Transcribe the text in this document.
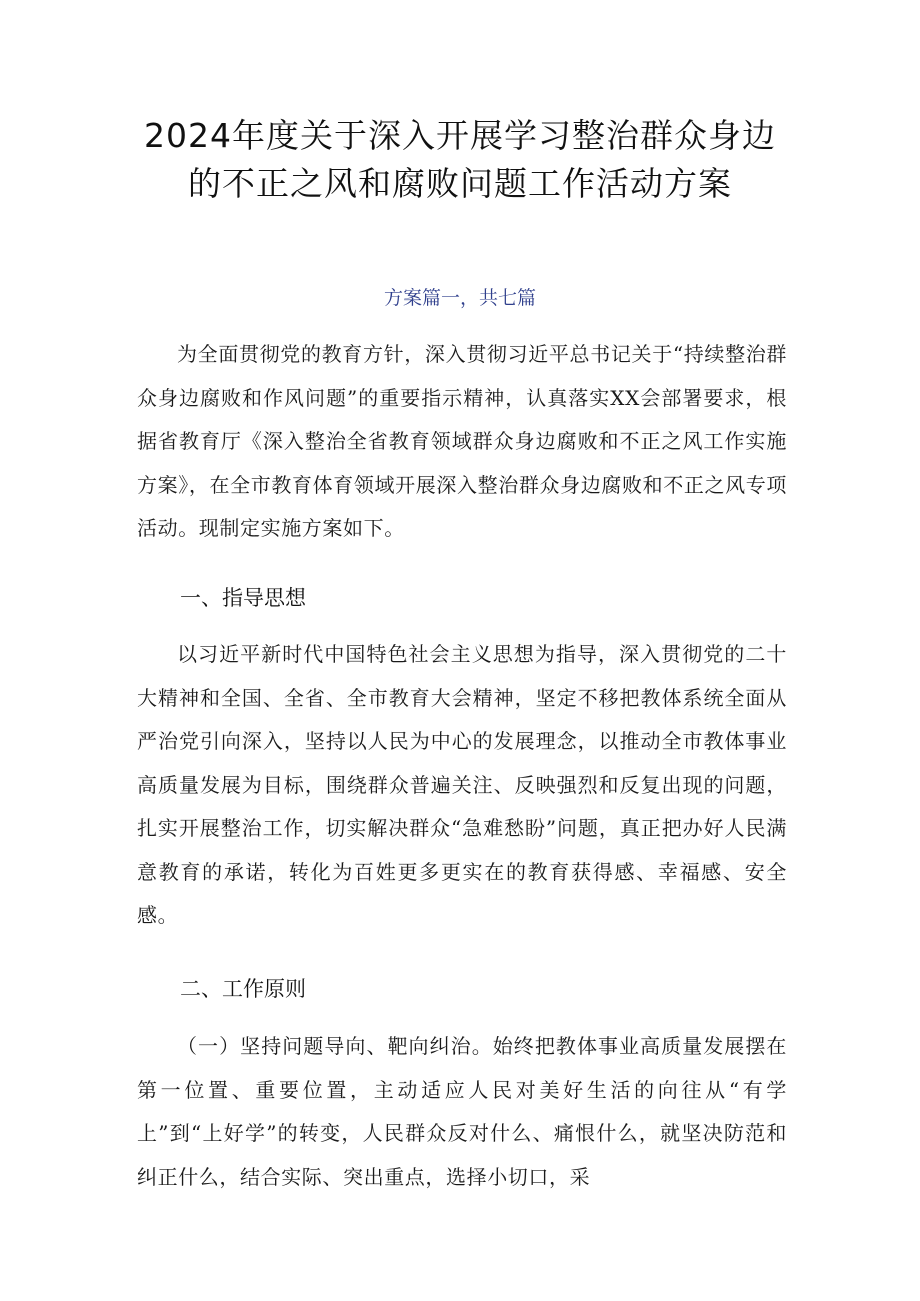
2024年度关于深入开展学习整治群众身边
的不正之风和腐败问题工作活动方案

方案篇一，共七篇

为全面贯彻党的教育方针，深入贯彻习近平总书记关于“持续整治群众身边腐败和作风问题”的重要指示精神，认真落实XX会部署要求，根据省教育厅《深入整治全省教育领域群众身边腐败和不正之风工作实施方案》，在全市教育体育领域开展深入整治群众身边腐败和不正之风专项活动。现制定实施方案如下。

一、指导思想

以习近平新时代中国特色社会主义思想为指导，深入贯彻党的二十大精神和全国、全省、全市教育大会精神，坚定不移把教体系统全面从严治党引向深入，坚持以人民为中心的发展理念，以推动全市教体事业高质量发展为目标，围绕群众普遍关注、反映强烈和反复出现的问题，扎实开展整治工作，切实解决群众“急难愁盼”问题，真正把办好人民满意教育的承诺，转化为百姓更多更实在的教育获得感、幸福感、安全感。

二、工作原则

（一）坚持问题导向、靶向纠治。始终把教体事业高质量发展摆在第一位置、重要位置，主动适应人民对美好生活的向往从“有学上”到“上好学”的转变，人民群众反对什么、痛恨什么，就坚决防范和纠正什么，结合实际、突出重点，选择小切口，采
